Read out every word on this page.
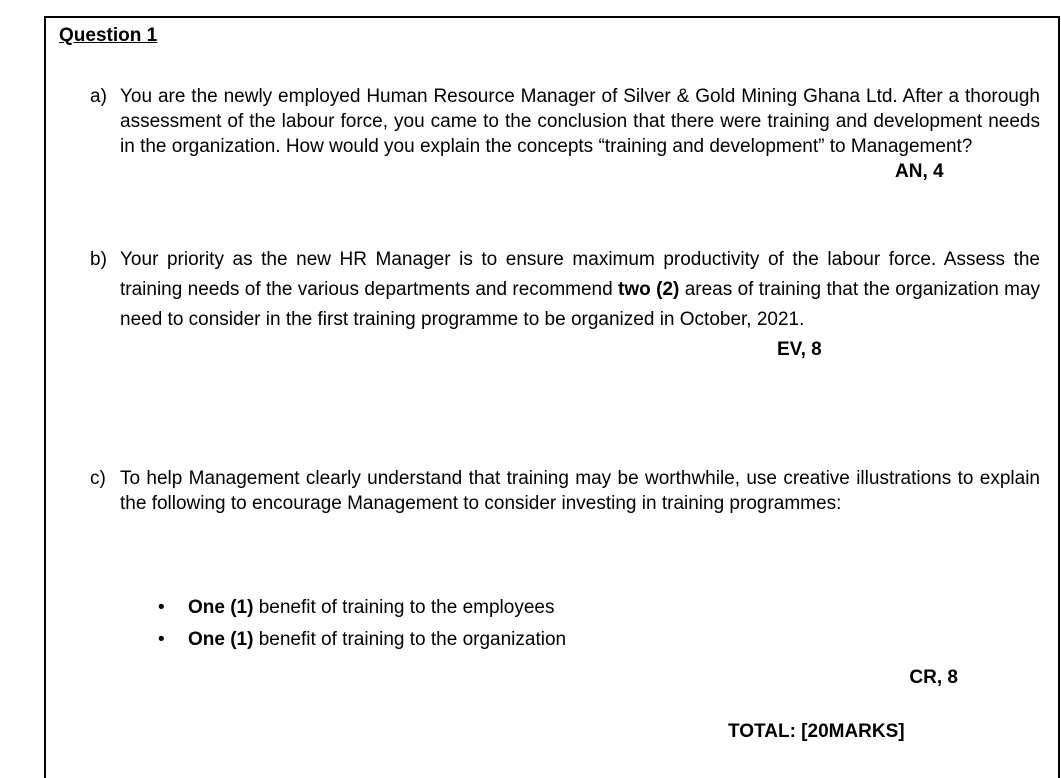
Question 1
a) You are the newly employed Human Resource Manager of Silver & Gold Mining Ghana Ltd. After a thorough assessment of the labour force, you came to the conclusion that there were training and development needs in the organization. How would you explain the concepts “training and development” to Management?
AN, 4
b) Your priority as the new HR Manager is to ensure maximum productivity of the labour force. Assess the training needs of the various departments and recommend two (2) areas of training that the organization may need to consider in the first training programme to be organized in October, 2021.
EV, 8
c) To help Management clearly understand that training may be worthwhile, use creative illustrations to explain the following to encourage Management to consider investing in training programmes:
• One (1) benefit of training to the employees
• One (1) benefit of training to the organization
CR, 8
TOTAL: [20MARKS]
